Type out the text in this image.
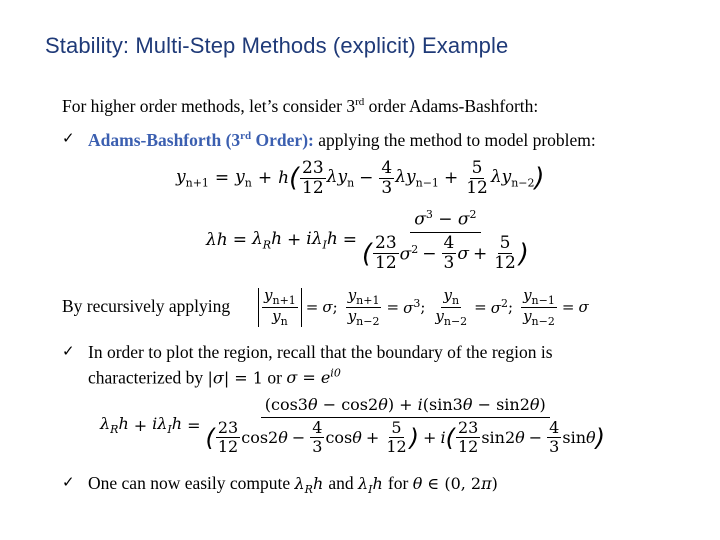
Stability: Multi-Step Methods (explicit) Example
For higher order methods, let’s consider 3rd order Adams-Bashforth:
✓ Adams-Bashforth (3rd Order): applying the method to model problem:
$y_{n+1} = y_n + h$ ( $\frac{23}{12} \lambda y_n - \frac{4}{3} \lambda y_{n-1} + \frac{5}{12} \lambda y_{n-2}$ )
$\lambda h = \lambda_Rh + i\lambda_Ih = \frac{\sigma^3 - \sigma^2}{( \frac{23}{12} \sigma^2 - \frac{4}{3} \sigma + \frac{5}{12} )}$
By recursively applying $\frac{y_{n+1}}{y_n} = \sigma$ ; $\frac{y_{n+1}}{y_{n-2}} = \sigma^3$ ; $\frac{y_n}{y_{n-2}} = \sigma^2$ ; $\frac{y_{n-1}}{y_{n-2}} = \sigma$
✓ In order to plot the region, recall that the boundary of the region is
characterized by |σ| = 1 or $\sigma = e^{i0}$
$\lambda_Rh + i\lambda_Ih$ =
(cos3θ − cos2θ) + i(sin3θ − sin2θ)
( $\frac{23}{12} \cos 2\theta - \frac{4}{3}$ $\cos\theta + \frac{5}{12}$ ) + i ( $\frac{23}{12} \sin 2\theta - \frac{4}{3}$ sinθ )
✓ One can now easily compute $\lambda_Rh$ and $\lambda_Ih$ for θ ∈ (0, 2π)
